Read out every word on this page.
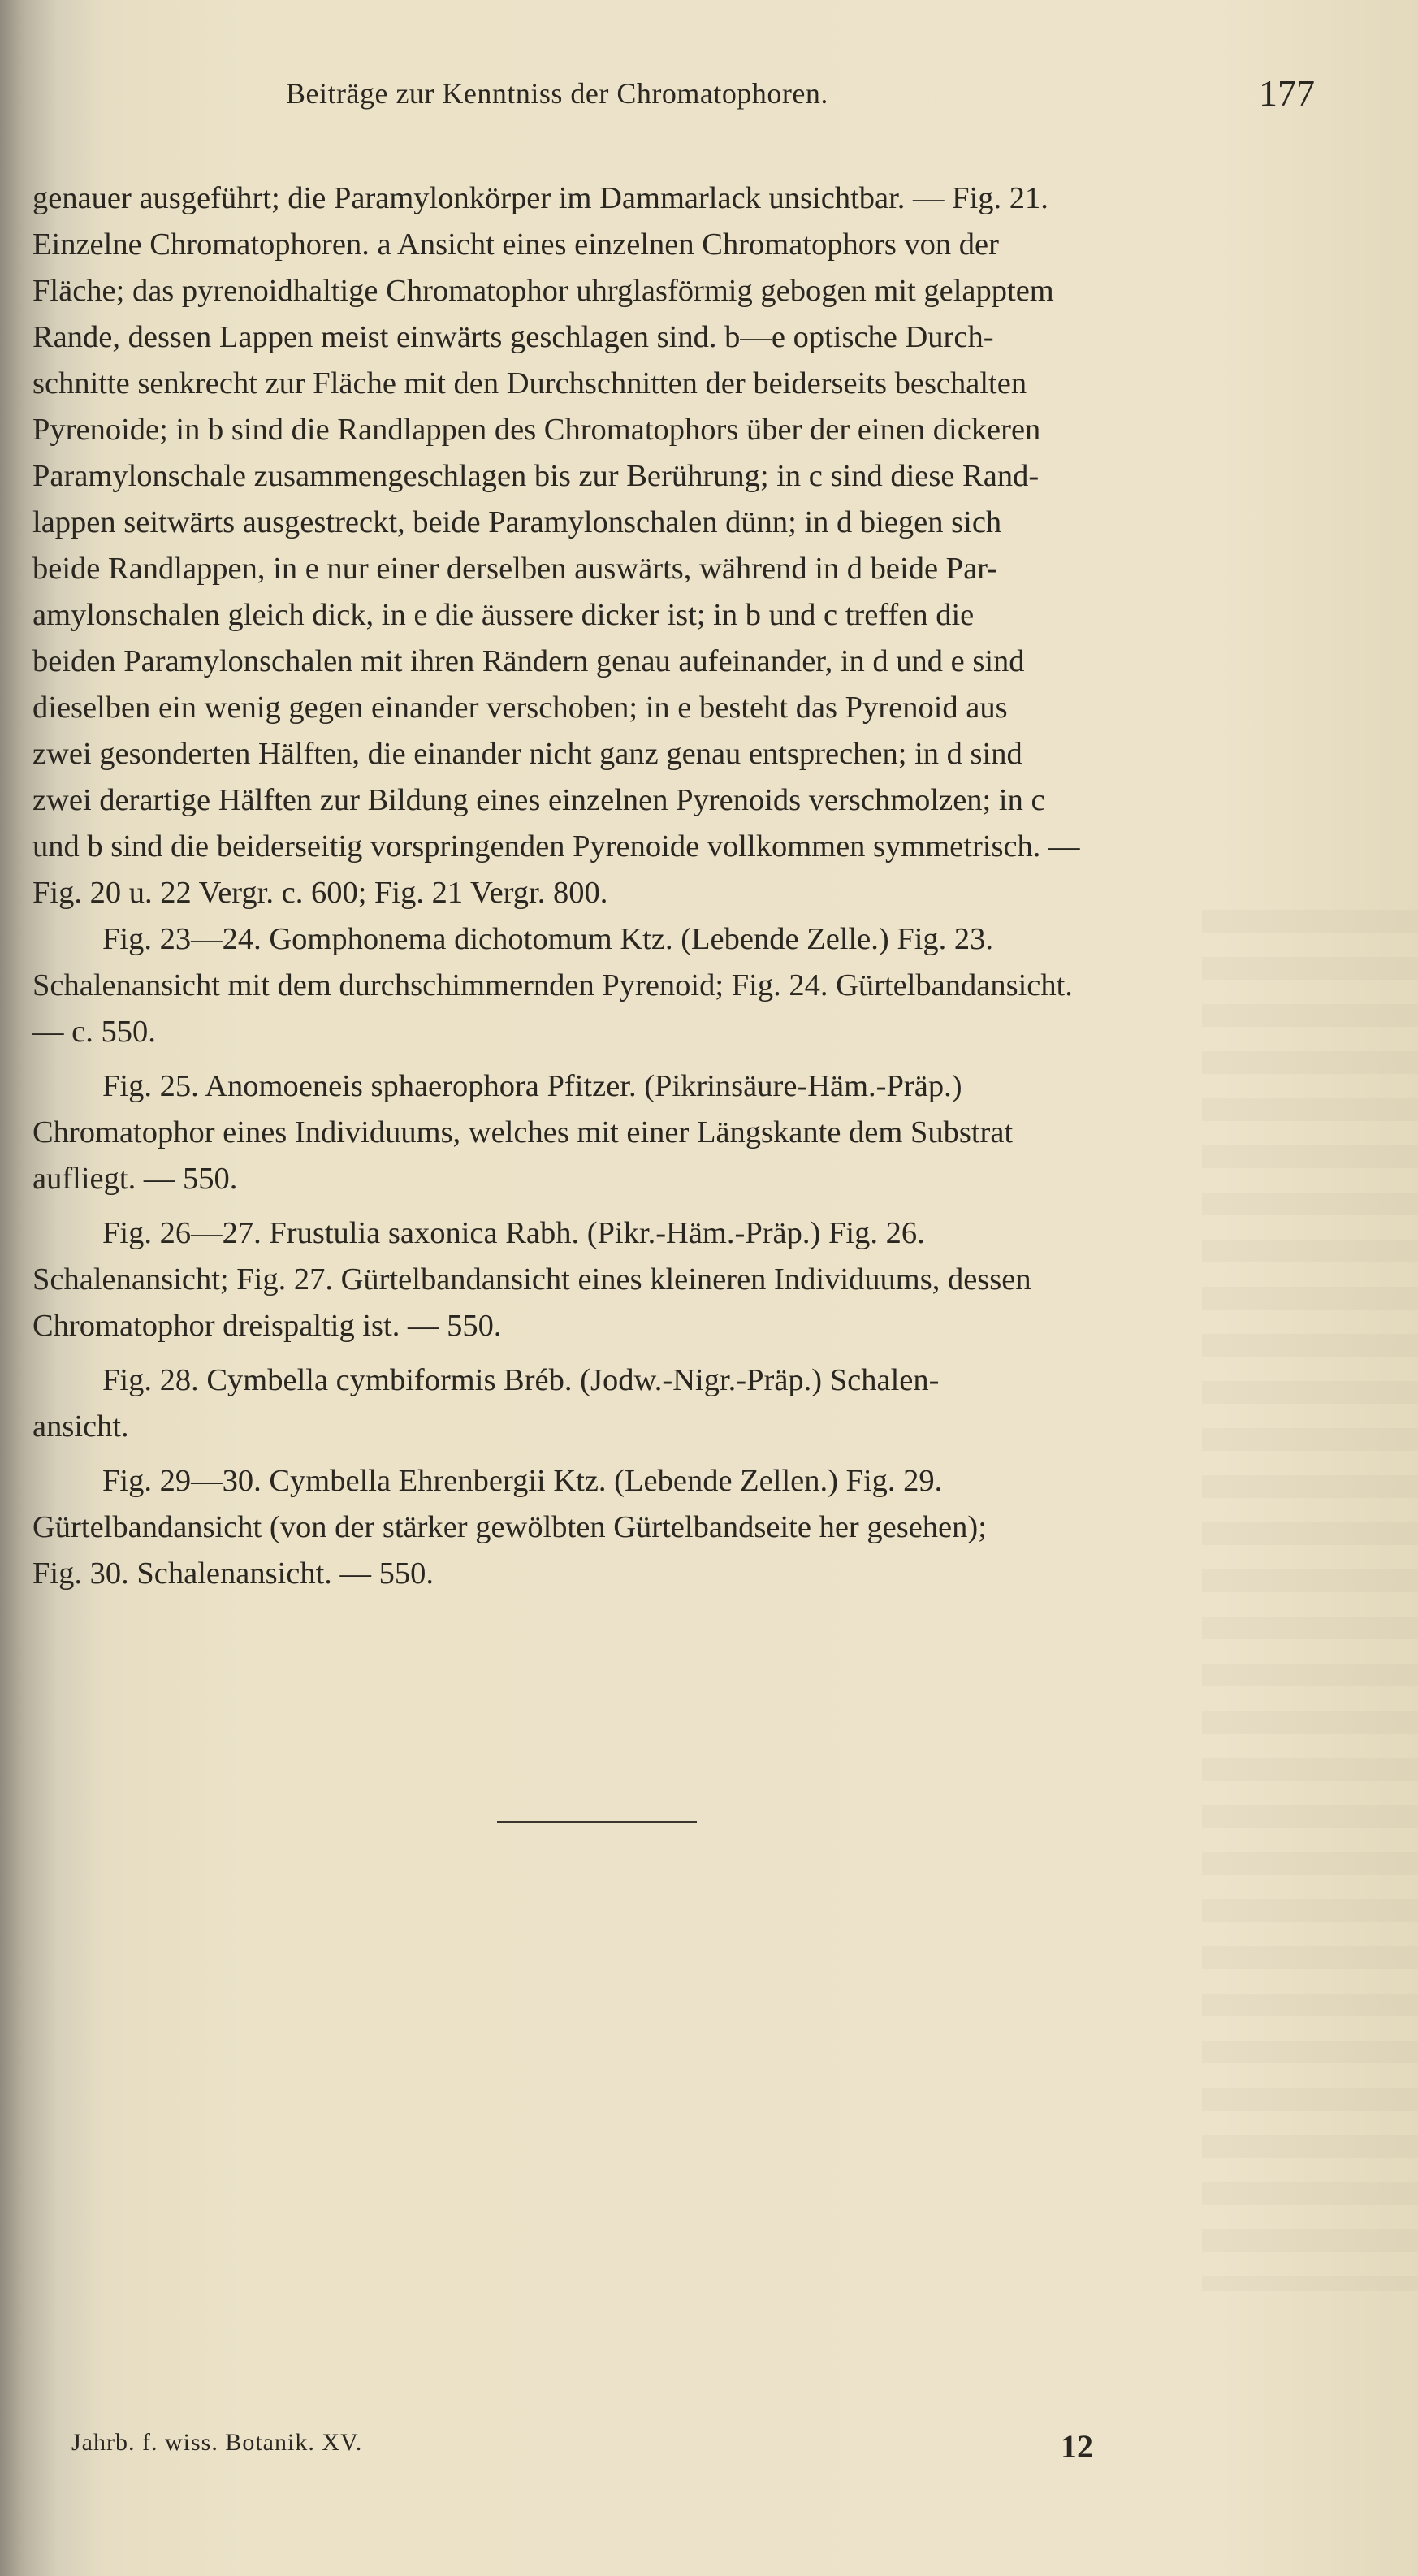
Beiträge zur Kenntniss der Chromatophoren.	177
genauer ausgeführt; die Paramylonkörper im Dammarlack unsichtbar. — Fig. 21.
Einzelne Chromatophoren. a Ansicht eines einzelnen Chromatophors von der
Fläche; das pyrenoidhaltige Chromatophor uhrglasförmig gebogen mit gelapptem
Rande, dessen Lappen meist einwärts geschlagen sind. b—e optische Durch-
schnitte senkrecht zur Fläche mit den Durchschnitten der beiderseits beschalten
Pyrenoide; in b sind die Randlappen des Chromatophors über der einen dickeren
Paramylonschale zusammengeschlagen bis zur Berührung; in c sind diese Rand-
lappen seitwärts ausgestreckt, beide Paramylonschalen dünn; in d biegen sich
beide Randlappen, in e nur einer derselben auswärts, während in d beide Par-
amylonschalen gleich dick, in e die äussere dicker ist; in b und c treffen die
beiden Paramylonschalen mit ihren Rändern genau aufeinander, in d und e sind
dieselben ein wenig gegen einander verschoben; in e besteht das Pyrenoid aus
zwei gesonderten Hälften, die einander nicht ganz genau entsprechen; in d sind
zwei derartige Hälften zur Bildung eines einzelnen Pyrenoids verschmolzen; in c
und b sind die beiderseitig vorspringenden Pyrenoide vollkommen symmetrisch. —
Fig. 20 u. 22 Vergr. c. 600; Fig. 21 Vergr. 800.
Fig. 23—24. Gomphonema dichotomum Ktz. (Lebende Zelle.) Fig. 23.
Schalenansicht mit dem durchschimmernden Pyrenoid; Fig. 24. Gürtelbandansicht.
— c. 550.
Fig. 25. Anomoeneis sphaerophora Pfitzer. (Pikrinsäure-Häm.-Präp.)
Chromatophor eines Individuums, welches mit einer Längskante dem Substrat
aufliegt. — 550.
Fig. 26—27. Frustulia saxonica Rabh. (Pikr.-Häm.-Präp.) Fig. 26.
Schalenansicht; Fig. 27. Gürtelbandansicht eines kleineren Individuums, dessen
Chromatophor dreispaltig ist. — 550.
Fig. 28. Cymbella cymbiformis Bréb. (Jodw.-Nigr.-Präp.) Schalen-
ansicht.
Fig. 29—30. Cymbella Ehrenbergii Ktz. (Lebende Zellen.) Fig. 29.
Gürtelbandansicht (von der stärker gewölbten Gürtelbandseite her gesehen);
Fig. 30. Schalenansicht. — 550.
Jahrb. f. wiss. Botanik. XV.	12
